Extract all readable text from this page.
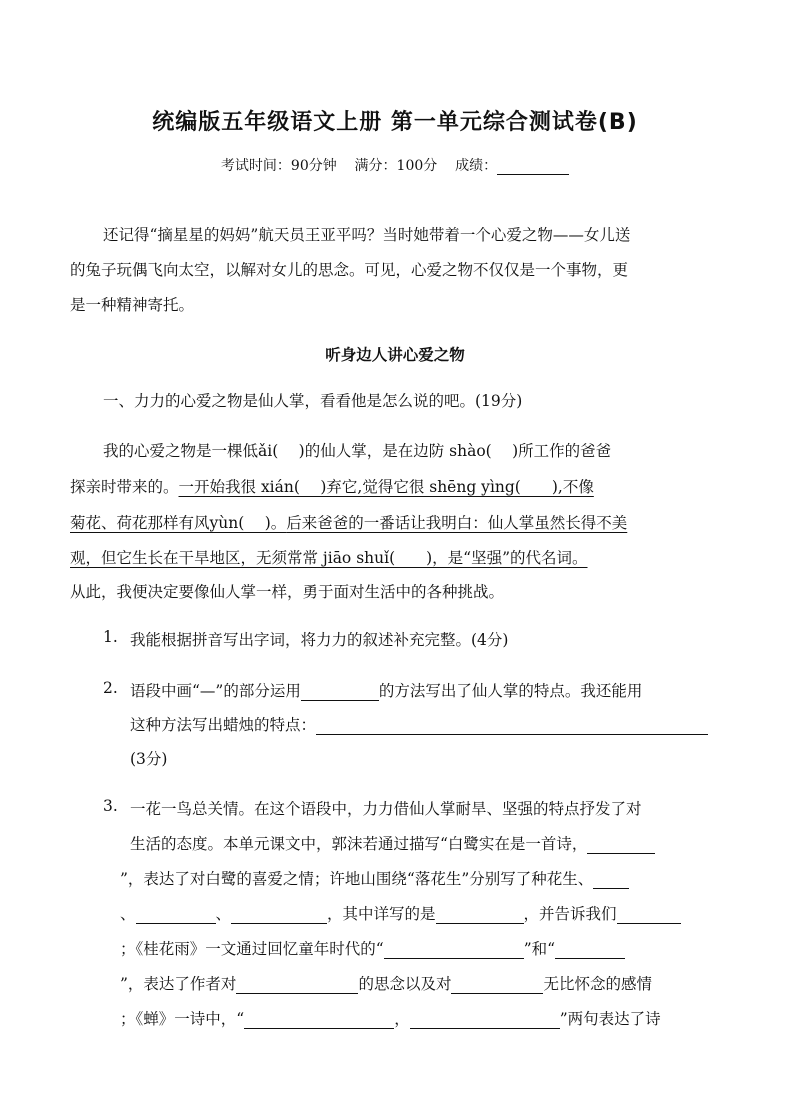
统编版五年级语文上册 第一单元综合测试卷(B)
考试时间：90分钟 满分：100分 成绩：
还记得“摘星星的妈妈”航天员王亚平吗？当时她带着一个心爱之物——女儿送
的兔子玩偶飞向太空，以解对女儿的思念。可见，心爱之物不仅仅是一个事物，更
是一种精神寄托。
听身边人讲心爱之物
一、力力的心爱之物是仙人掌，看看他是怎么说的吧。(19分)
我的心爱之物是一棵低ǎi(　 )的仙人掌，是在边防 shào(　 )所工作的爸爸
探亲时带来的。一开始我很 xián(　 )弃它,觉得它很 shēng yìng(　　),不像
菊花、荷花那样有风yùn(　 )。后来爸爸的一番话让我明白：仙人掌虽然长得不美
观，但它生长在干旱地区，无须常常 jiāo shuǐ(　　)，是“坚强”的代名词。
从此，我便决定要像仙人掌一样，勇于面对生活中的各种挑战。
1. 我能根据拼音写出字词，将力力的叙述补充完整。(4分)
2. 语段中画“—”的部分运用	的方法写出了仙人掌的特点。我还能用
这种方法写出蜡烛的特点：
(3分)
3. 一花一鸟总关情。在这个语段中，力力借仙人掌耐旱、坚强的特点抒发了对
生活的态度。本单元课文中，郭沫若通过描写“白鹭实在是一首诗，
”，表达了对白鹭的喜爱之情；许地山围绕“落花生”分别写了种花生、
、	、	，其中详写的是	，并告诉我们
；《桂花雨》一文通过回忆童年时代的“	”和“
”，表达了作者对	的思念以及对	无比怀念的感情
；《蝉》一诗中，“	，	”两句表达了诗
